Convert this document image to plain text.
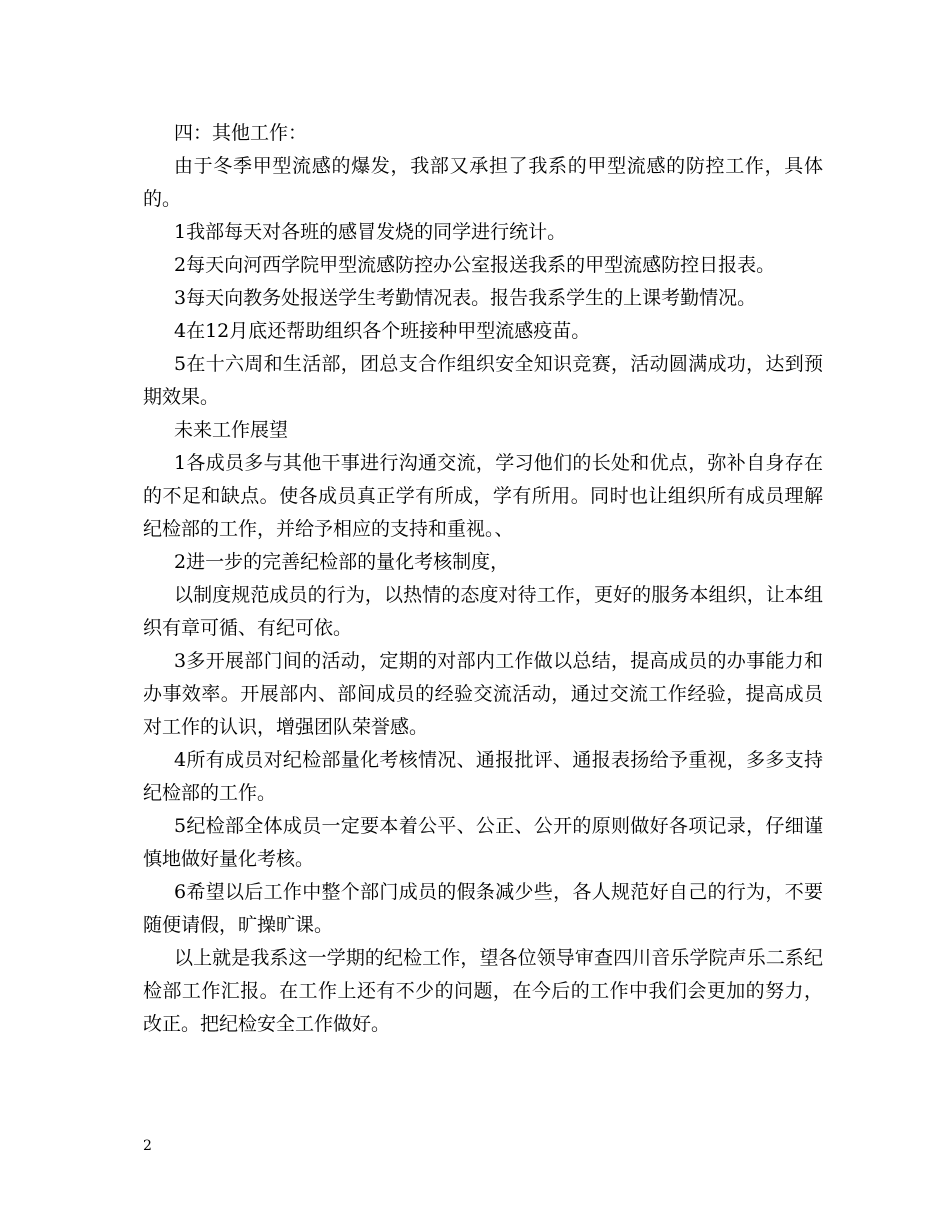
四：其他工作：

由于冬季甲型流感的爆发，我部又承担了我系的甲型流感的防控工作，具体的。

1我部每天对各班的感冒发烧的同学进行统计。

2每天向河西学院甲型流感防控办公室报送我系的甲型流感防控日报表。

3每天向教务处报送学生考勤情况表。报告我系学生的上课考勤情况。

4在12月底还帮助组织各个班接种甲型流感疫苗。

5在十六周和生活部，团总支合作组织安全知识竞赛，活动圆满成功，达到预期效果。

未来工作展望

1各成员多与其他干事进行沟通交流，学习他们的长处和优点，弥补自身存在的不足和缺点。使各成员真正学有所成，学有所用。同时也让组织所有成员理解纪检部的工作，并给予相应的支持和重视。、

2进一步的完善纪检部的量化考核制度，

以制度规范成员的行为，以热情的态度对待工作，更好的服务本组织，让本组织有章可循、有纪可依。

3多开展部门间的活动，定期的对部内工作做以总结，提高成员的办事能力和办事效率。开展部内、部间成员的经验交流活动，通过交流工作经验，提高成员对工作的认识，增强团队荣誉感。

4所有成员对纪检部量化考核情况、通报批评、通报表扬给予重视，多多支持纪检部的工作。

5纪检部全体成员一定要本着公平、公正、公开的原则做好各项记录，仔细谨慎地做好量化考核。

6希望以后工作中整个部门成员的假条减少些，各人规范好自己的行为，不要随便请假，旷操旷课。

以上就是我系这一学期的纪检工作，望各位领导审查四川音乐学院声乐二系纪检部工作汇报。在工作上还有不少的问题，在今后的工作中我们会更加的努力，改正。把纪检安全工作做好。

2
